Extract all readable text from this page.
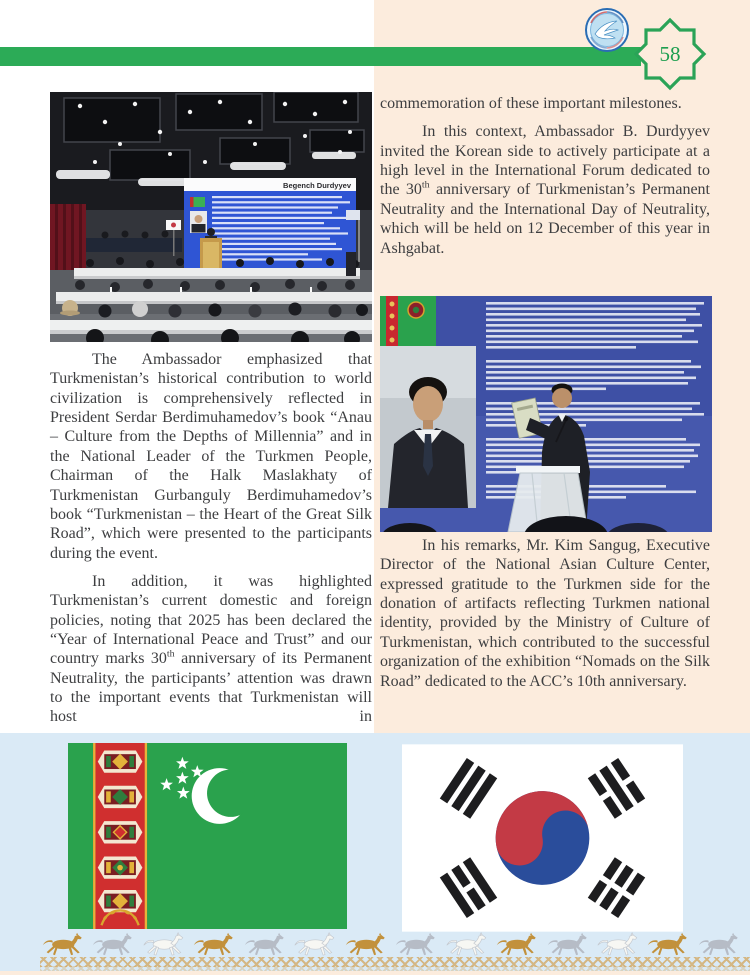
58
Begench Durdyyev

The Ambassador emphasized that Turkmenistan’s historical contribution to world civilization is comprehensively reflected in President Serdar Berdimuhamedov’s book “Anau – Culture from the Depths of Millennia” and in the National Leader of the Turkmen People, Chairman of the Halk Maslakhaty of Turkmenistan Gurbanguly Berdimuhamedov’s book “Turkmenistan – the Heart of the Great Silk Road”, which were presented to the participants during the event.

In addition, it was highlighted Turkmenistan’s current domestic and foreign policies, noting that 2025 has been declared the “Year of International Peace and Trust” and our country marks 30th anniversary of its Permanent Neutrality, the participants’ attention was drawn to the important events that Turkmenistan will host in

commemoration of these important milestones.

In this context, Ambassador B. Durdyyev invited the Korean side to actively participate at a high level in the International Forum dedicated to the 30th anniversary of Turkmenistan’s Permanent Neutrality and the International Day of Neutrality, which will be held on 12 December of this year in Ashgabat.

In his remarks, Mr. Kim Sangug, Executive Director of the National Asian Culture Center, expressed gratitude to the Turkmen side for the donation of artifacts reflecting Turkmen national identity, provided by the Ministry of Culture of Turkmenistan, which contributed to the successful organization of the exhibition “Nomads on the Silk Road” dedicated to the ACC’s 10th anniversary.
